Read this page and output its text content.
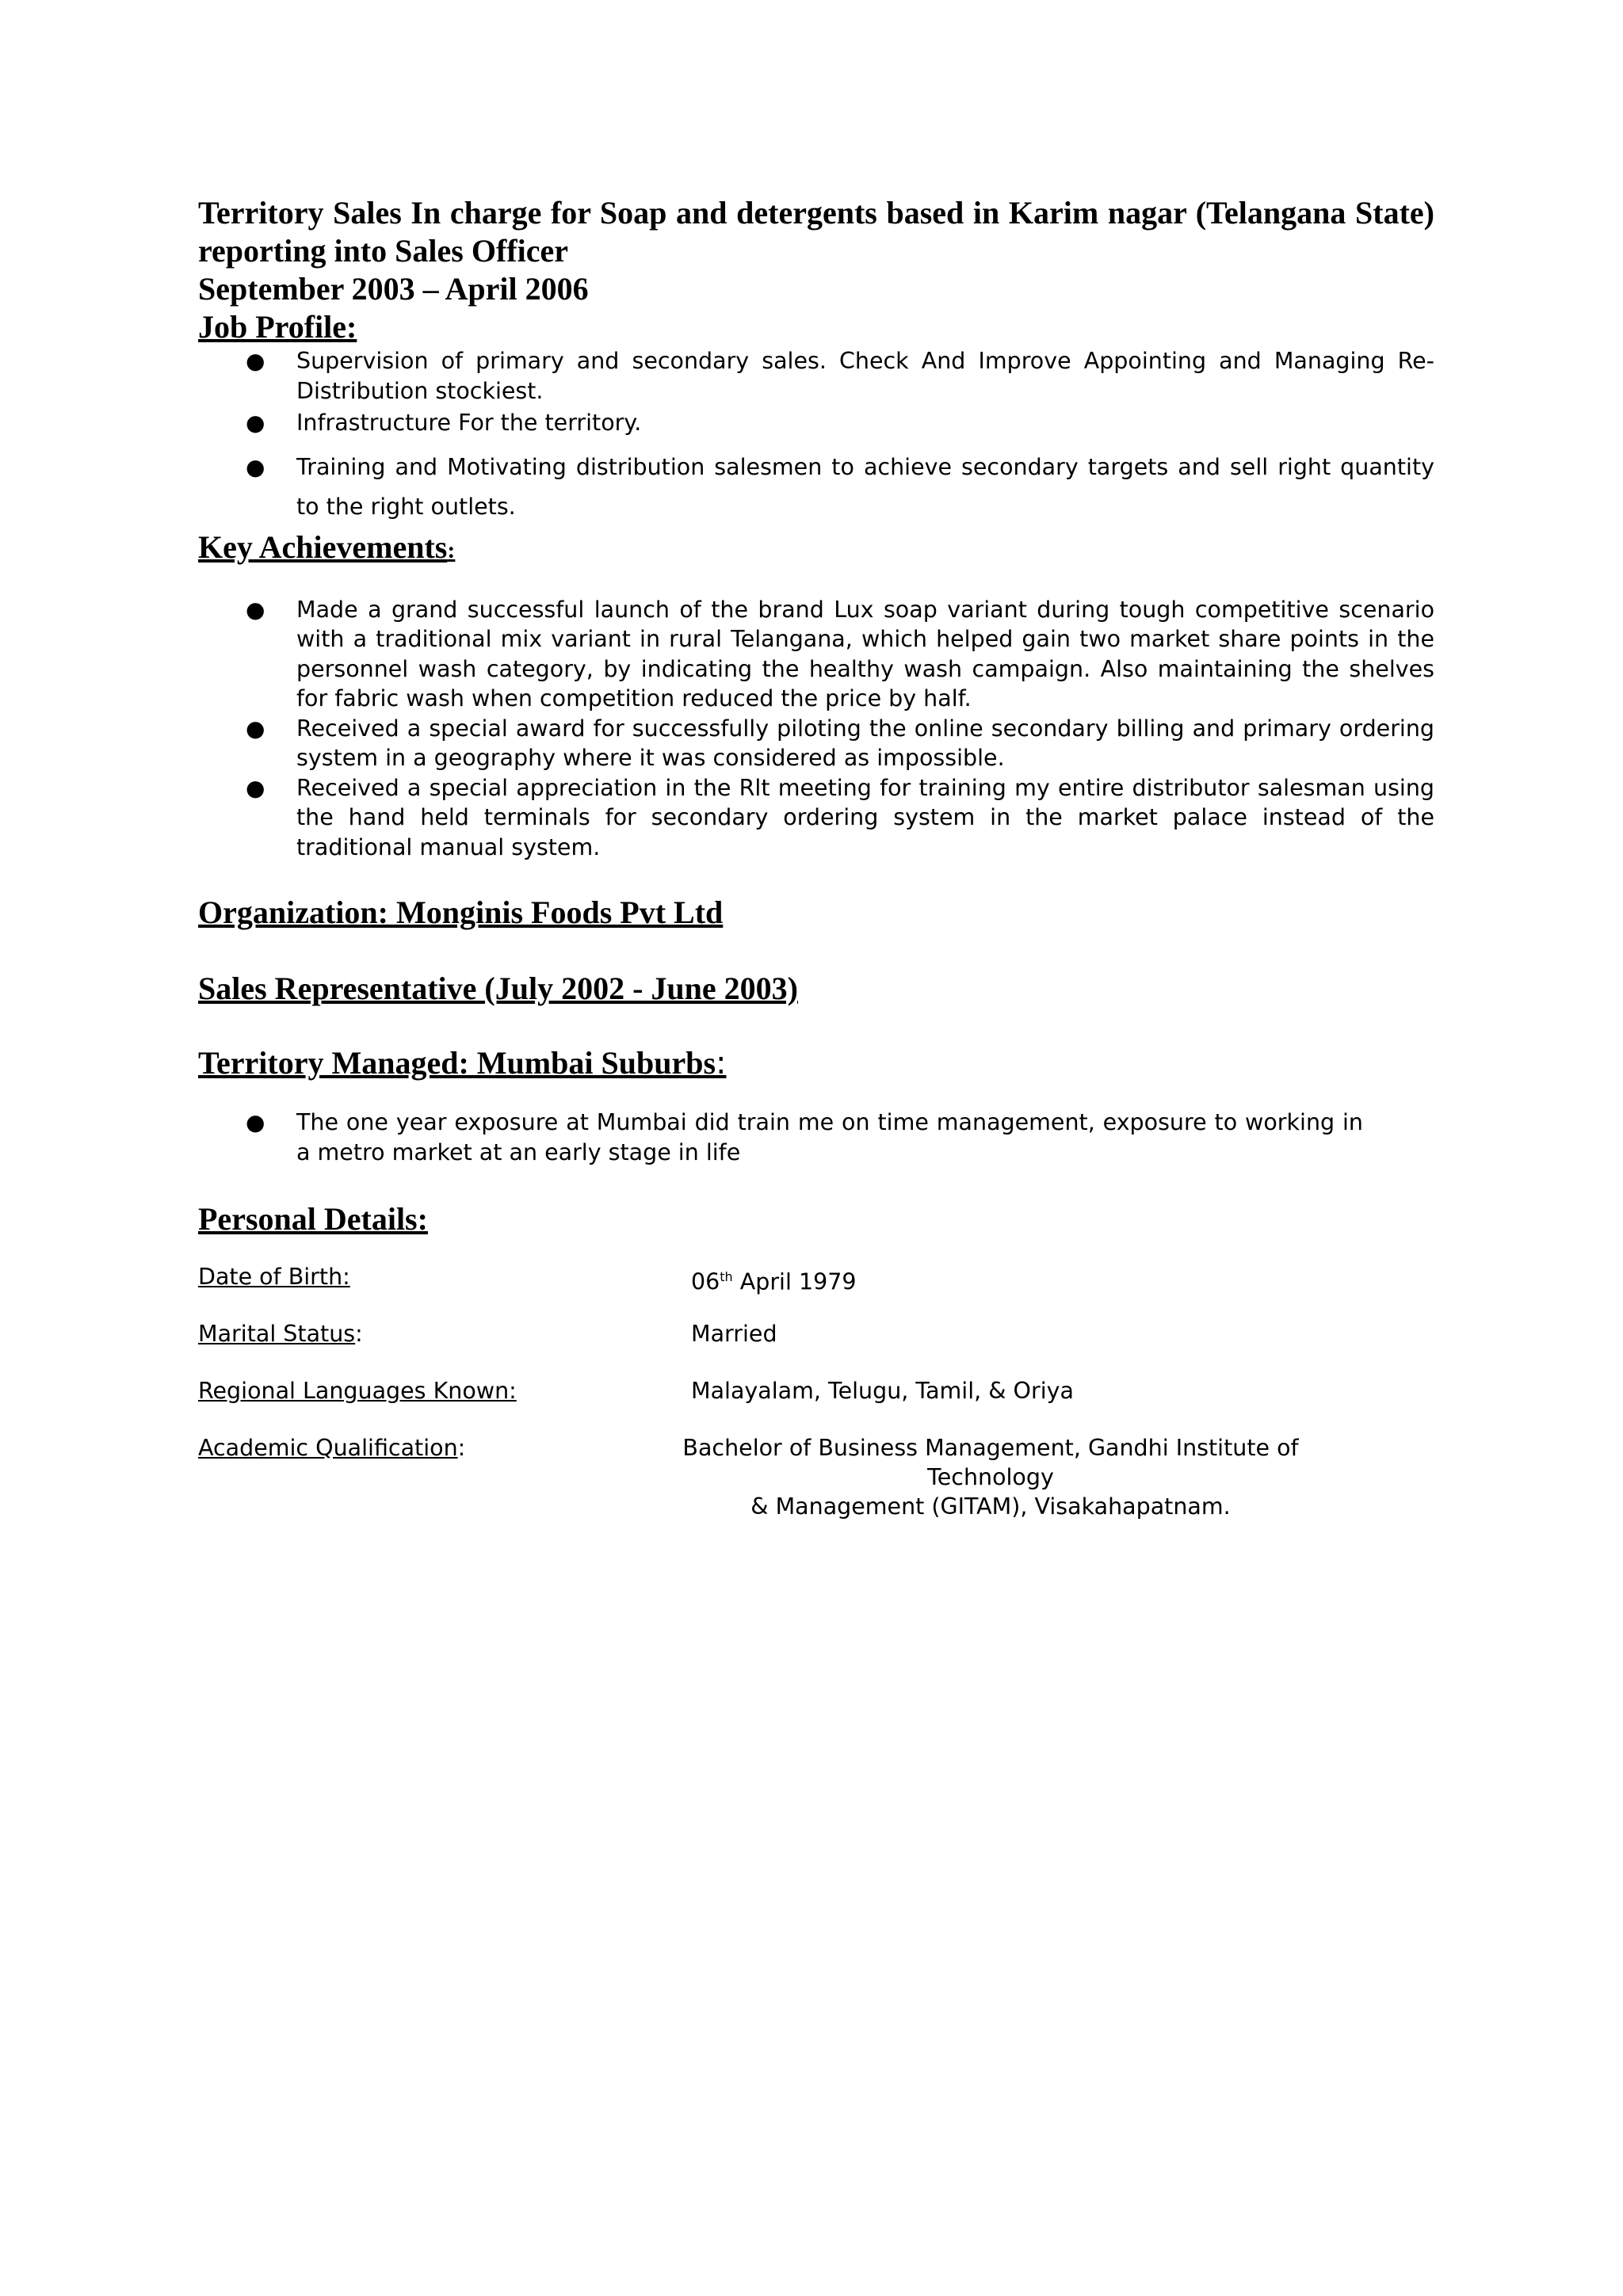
Territory Sales In charge for Soap and detergents based in Karim nagar (Telangana State) reporting into Sales Officer

September 2003 – April 2006

Job Profile:

● Supervision of primary and secondary sales. Check And Improve Appointing and Managing Re-Distribution stockiest.
● Infrastructure For the territory.
● Training and Motivating distribution salesmen to achieve secondary targets and sell right quantity to the right outlets.

Key Achievements:

● Made a grand successful launch of the brand Lux soap variant during tough competitive scenario with a traditional mix variant in rural Telangana, which helped gain two market share points in the personnel wash category, by indicating the healthy wash campaign. Also maintaining the shelves for fabric wash when competition reduced the price by half.
● Received a special award for successfully piloting the online secondary billing and primary ordering system in a geography where it was considered as impossible.
● Received a special appreciation in the Rlt meeting for training my entire distributor salesman using the hand held terminals for secondary ordering system in the market palace instead of the traditional manual system.

Organization: Monginis Foods Pvt Ltd

Sales Representative (July 2002 - June 2003)

Territory Managed: Mumbai Suburbs:

● The one year exposure at Mumbai did train me on time management, exposure to working in a metro market at an early stage in life

Personal Details:

Date of Birth:	06th April 1979
Marital Status:	Married
Regional Languages Known:	Malayalam, Telugu, Tamil, & Oriya
Academic Qualification:	Bachelor of Business Management, Gandhi Institute of Technology
& Management (GITAM), Visakahapatnam.
